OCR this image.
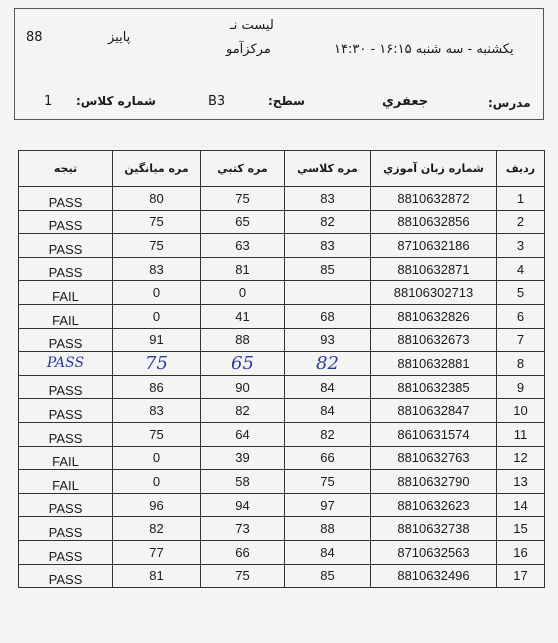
88	پاییز
لیست نـ
مرکزآمو	یکشنبه - سه شنبه ۱۶:۱۵ - ۱۴:۳۰
1 شماره کلاس:	B3	سطح:	جعفري	مدرس:
رديف	شماره زبان آموزي	مره كلاسي	مره كتبي	مره ميانگين	تيجه
1	8810632872	83	75	80	PASS
2	8810632856	82	65	75	PASS
3	8710632186	83	63	75	PASS
4	8810632871	85	81	83	PASS
5	88106302713		0	0	FAIL
6	8810632826	68	41	0	FAIL
7	8810632673	93	88	91	PASS
8	8810632881	82	65	75	PASS
9	8810632385	84	90	86	PASS
10	8810632847	84	82	83	PASS
11	8610631574	82	64	75	PASS
12	8810632763	66	39	0	FAIL
13	8810632790	75	58	0	FAIL
14	8810632623	97	94	96	PASS
15	8810632738	88	73	82	PASS
16	8710632563	84	66	77	PASS
17	8810632496	85	75	81	PASS
